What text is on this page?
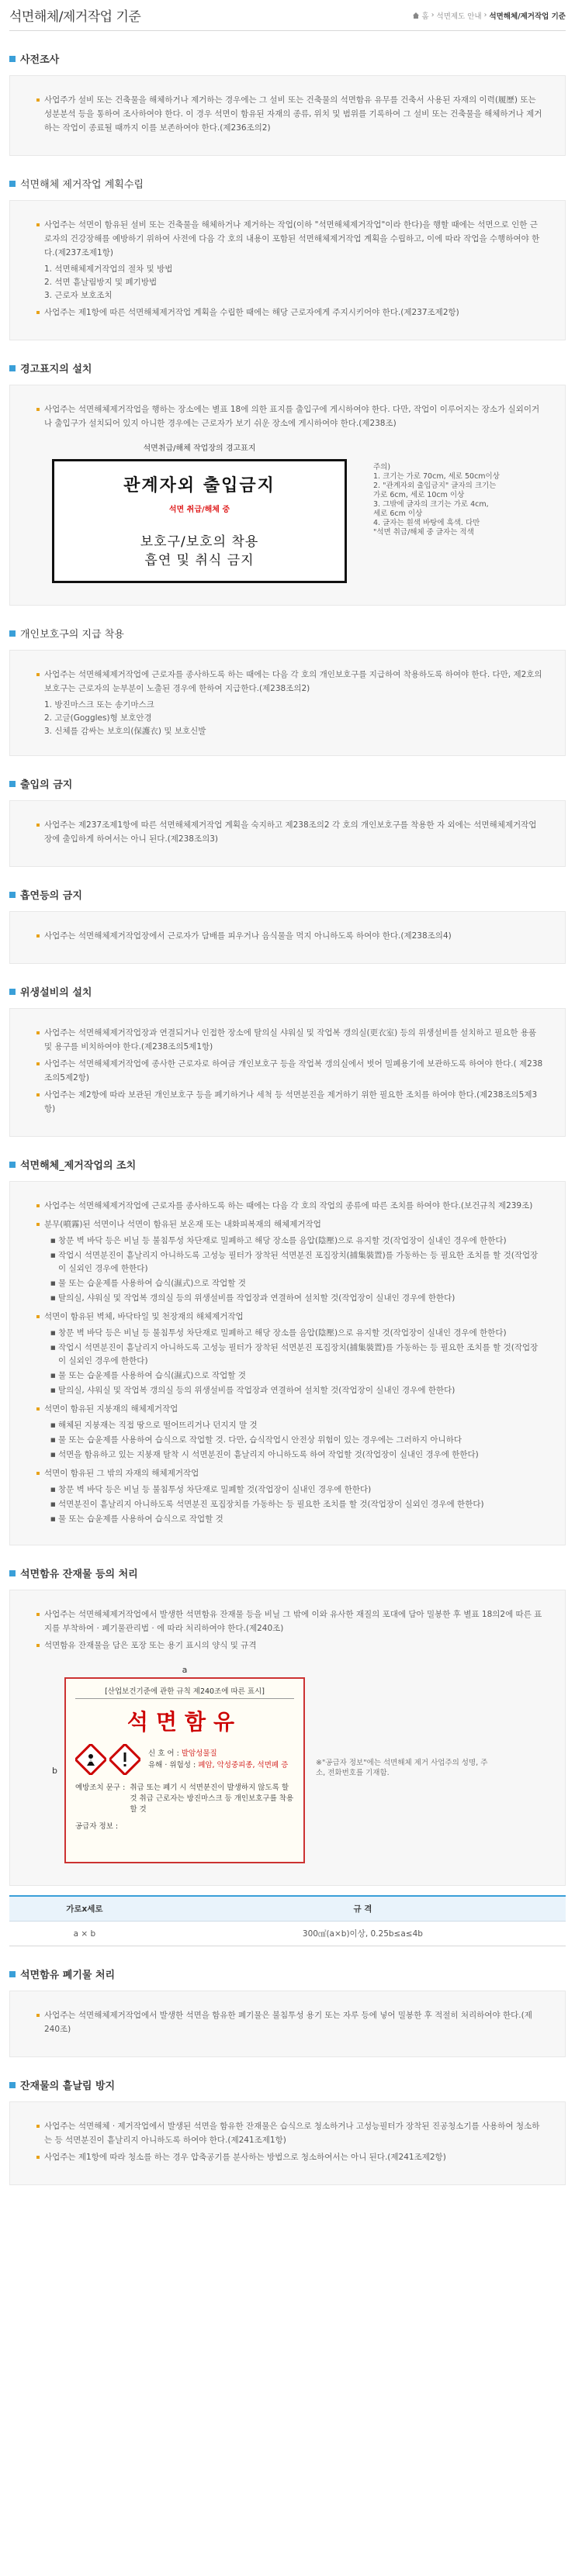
석면해체/제거작업 기준	홈 › 석면제도 안내 › 석면해체/제거작업 기준
사전조사

사업주가 설비 또는 건축물을 해체하거나 제거하는 경우에는 그 설비 또는 건축물의 석면함유 유무를 건축서 사용된 자재의 이력(履歷) 또는 성분분석 등을 통하여 조사하여야 한다. 이 경우 석면이 함유된 자재의 종류, 위치 및 범위를 기록하여 그 설비 또는 건축물을 해체하거나 제거하는 작업이 종료될 때까지 이를 보존하여야 한다.(제236조의2)

석면해체 제거작업 계획수립

사업주는 석면이 함유된 설비 또는 건축물을 해체하거나 제거하는 작업(이하 "석면해체제거작업"이라 한다)을 행할 때에는 석면으로 인한 근로자의 건강장해를 예방하기 위하여 사전에 다음 각 호의 내용이 포함된 석면해체제거작업 계획을 수립하고, 이에 따라 작업을 수행하여야 한다.(제237조제1항)

1. 석면해체제거작업의 절차 및 방법

2. 석면 흩날림방지 및 폐기방법

3. 근로자 보호조치

사업주는 제1항에 따른 석면해체제거작업 계획을 수립한 때에는 해당 근로자에게 주지시키어야 한다.(제237조제2항)

경고표지의 설치

사업주는 석면해체제거작업을 행하는 장소에는 별표 18에 의한 표지를 출입구에 게시하여야 한다. 다만, 작업이 이루어지는 장소가 실외이거나 출입구가 설치되어 있지 아니한 경우에는 근로자가 보기 쉬운 장소에 게시하여야 한다.(제238조)

석면취급/해체 작업장의 경고표지
관계자외 출입금지
석면 취급/해체 중
보호구/보호의 착용
흡연 및 취식 금지
주의)
1. 크기는 가로 70cm, 세로 50cm이상
2. "관계자외 출입금지" 글자의 크기는
가로 6cm, 세로 10cm 이상
3. 그밖에 글자의 크기는 가로 4cm,
세로 6cm 이상
4. 글자는 흰색 바탕에 흑색. 다만
"석면 취급/해체 중 글자는 적색
개인보호구의 지급 착용

사업주는 석면해체제거작업에 근로자를 종사하도록 하는 때에는 다음 각 호의 개인보호구를 지급하여 착용하도록 하여야 한다. 다만, 제2호의 보호구는 근로자의 눈부분이 노출된 경우에 한하여 지급한다.(제238조의2)

1. 방진마스크 또는 송기마스크

2. 고글(Goggles)형 보호안경

3. 신체를 감싸는 보호의(保護衣) 및 보호신발

출입의 금지

사업주는 제237조제1항에 따른 석면해체제거작업 계획을 숙지하고 제238조의2 각 호의 개인보호구를 착용한 자 외에는 석면해체제거작업장에 출입하게 하여서는 아니 된다.(제238조의3)

흡연등의 금지

사업주는 석면해체제거작업장에서 근로자가 담배를 피우거나 음식물을 먹지 아니하도록 하여야 한다.(제238조의4)

위생설비의 설치

사업주는 석면해체제거작업장과 연결되거나 인접한 장소에 탈의실 샤워실 및 작업복 갱의실(更衣室) 등의 위생설비를 설치하고 필요한 용품 및 용구를 비치하여야 한다.(제238조의5제1항)

사업주는 석면해체제거작업에 종사한 근로자로 하여금 개인보호구 등을 작업복 갱의실에서 벗어 밀폐용기에 보관하도록 하여야 한다.( 제238조의5제2항)

사업주는 제2항에 따라 보관된 개인보호구 등을 폐기하거나 세척 등 석면분진을 제거하기 위한 필요한 조치를 하여야 한다.(제238조의5제3항)

석면해체_제거작업의 조치

사업주는 석면해체제거작업에 근로자를 종사하도록 하는 때에는 다음 각 호의 작업의 종류에 따른 조치를 하여야 한다.(보건규칙 제239조)

분무(噴霧)된 석면이나 석면이 함유된 보온재 또는 내화피복재의 해체제거작업

■ 창문 벽 바닥 등은 비닐 등 불침투성 차단재로 밀폐하고 해당 장소를 음압(陰壓)으로 유지할 것(작업장이 실내인 경우에 한한다)

■ 작업시 석면분진이 흩날리지 아니하도록 고성능 필터가 장착된 석면분진 포집장치(捕集裝置)를 가동하는 등 필요한 조치를 할 것(작업장이 실외인 경우에 한한다)

■ 물 또는 습윤제를 사용하여 습식(濕式)으로 작업할 것

■ 탈의실, 샤워실 및 작업복 갱의실 등의 위생설비를 작업장과 연결하여 설치할 것(작업장이 실내인 경우에 한한다)

석면이 함유된 벽체, 바닥타일 및 천장재의 해체제거작업

■ 창문 벽 바닥 등은 비닐 등 불침투성 차단재로 밀폐하고 해당 장소를 음압(陰壓)으로 유지할 것(작업장이 실내인 경우에 한한다)

■ 작업시 석면분진이 흩날리지 아니하도록 고성능 필터가 장착된 석면분진 포집장치(捕集裝置)를 가동하는 등 필요한 조치를 할 것(작업장이 실외인 경우에 한한다)

■ 물 또는 습윤제를 사용하여 습식(濕式)으로 작업할 것

■ 탈의실, 샤워실 및 작업복 갱의실 등의 위생설비를 작업장과 연결하여 설치할 것(작업장이 실내인 경우에 한한다)

석면이 함유된 지붕재의 해체제거작업

■ 해체된 지붕재는 직접 땅으로 떨어뜨리거나 던지지 말 것

■ 물 또는 습윤제를 사용하여 습식으로 작업할 것. 다만, 습식작업시 안전상 위험이 있는 경우에는 그러하지 아니하다

■ 석면을 함유하고 있는 지붕재 탈착 시 석면분진이 흩날리지 아니하도록 하여 작업할 것(작업장이 실내인 경우에 한한다)

석면이 함유된 그 밖의 자재의 해체제거작업

■ 창문 벽 바닥 등은 비닐 등 불침투성 차단재로 밀폐할 것(작업장이 실내인 경우에 한한다)

■ 석면분진이 흩날리지 아니하도록 석면분진 포집장치를 가동하는 등 필요한 조치를 할 것(작업장이 실외인 경우에 한한다)

■ 물 또는 습윤제를 사용하여 습식으로 작업할 것

석면함유 잔재물 등의 처리

사업주는 석면해체제거작업에서 발생한 석면함유 잔재물 등을 비닐 그 밖에 이와 유사한 재질의 포대에 담아 밀봉한 후 별표 18의2에 따른 표지를 부착하여 · 폐기물관리법 · 에 따라 처리하여야 한다.(제240조)

석면함유 잔재물을 담은 포장 또는 용기 표시의 양식 및 규격

a
b
[산업보건기준에 관한 규칙 제240조에 따른 표시]
석면함유
신 호 어 : 발암성물질
유해 · 위험성 : 폐암, 악성중피종, 석면폐 증
예방조치 문구 : 취급 또는 폐기 시 석면분진이 발생하지 않도록 할 것 취급 근로자는 방진마스크 등 개인보호구를 착용할 것
공급자 정보 :
※"공급자 정보"에는 석면해체 제거 사업주의 성명, 주소, 전화번호를 기재함.
가로x세로	규 격
a × b	300㎠(a×b)이상, 0.25b≤a≤4b
석면함유 폐기물 처리

사업주는 석면해체제거작업에서 발생한 석면을 함유한 폐기물은 불침투성 용기 또는 자루 등에 넣어 밀봉한 후 적절히 처리하여야 한다.(제240조)

잔재물의 흩날림 방지

사업주는 석면해체 · 제거작업에서 발생된 석면을 함유한 잔재물은 습식으로 청소하거나 고성능필터가 장착된 진공청소기를 사용하여 청소하는 등 석면분진이 흩날리지 아니하도록 하여야 한다.(제241조제1항)

사업주는 제1항에 따라 청소를 하는 경우 압축공기를 분사하는 방법으로 청소하여서는 아니 된다.(제241조제2항)
